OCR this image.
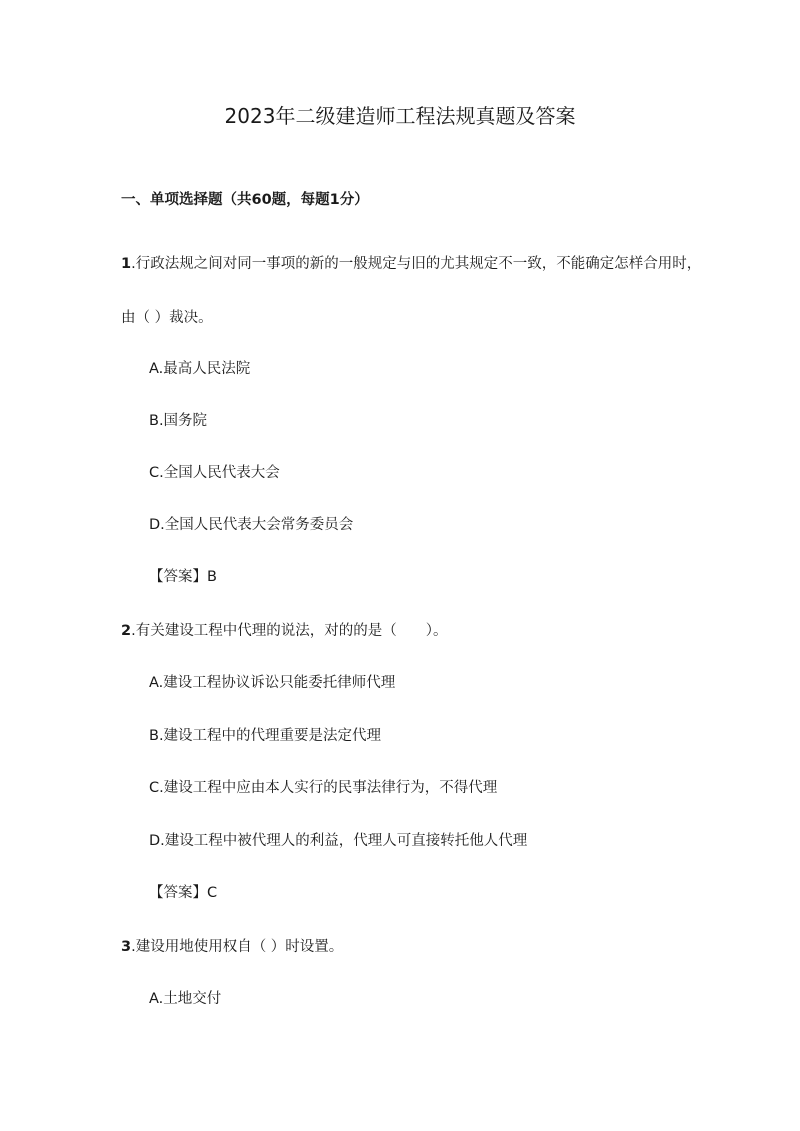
2023年二级建造师工程法规真题及答案
一、单项选择题（共60题，每题1分）
1.行政法规之间对同一事项的新的一般规定与旧的尤其规定不一致，不能确定怎样合用时，
由（ ）裁决。
A.最高人民法院
B.国务院
C.全国人民代表大会
D.全国人民代表大会常务委员会
【答案】B
2.有关建设工程中代理的说法，对的的是（　　）。
A.建设工程协议诉讼只能委托律师代理
B.建设工程中的代理重要是法定代理
C.建设工程中应由本人实行的民事法律行为，不得代理
D.建设工程中被代理人的利益，代理人可直接转托他人代理
【答案】C
3.建设用地使用权自（ ）时设置。
A.土地交付
